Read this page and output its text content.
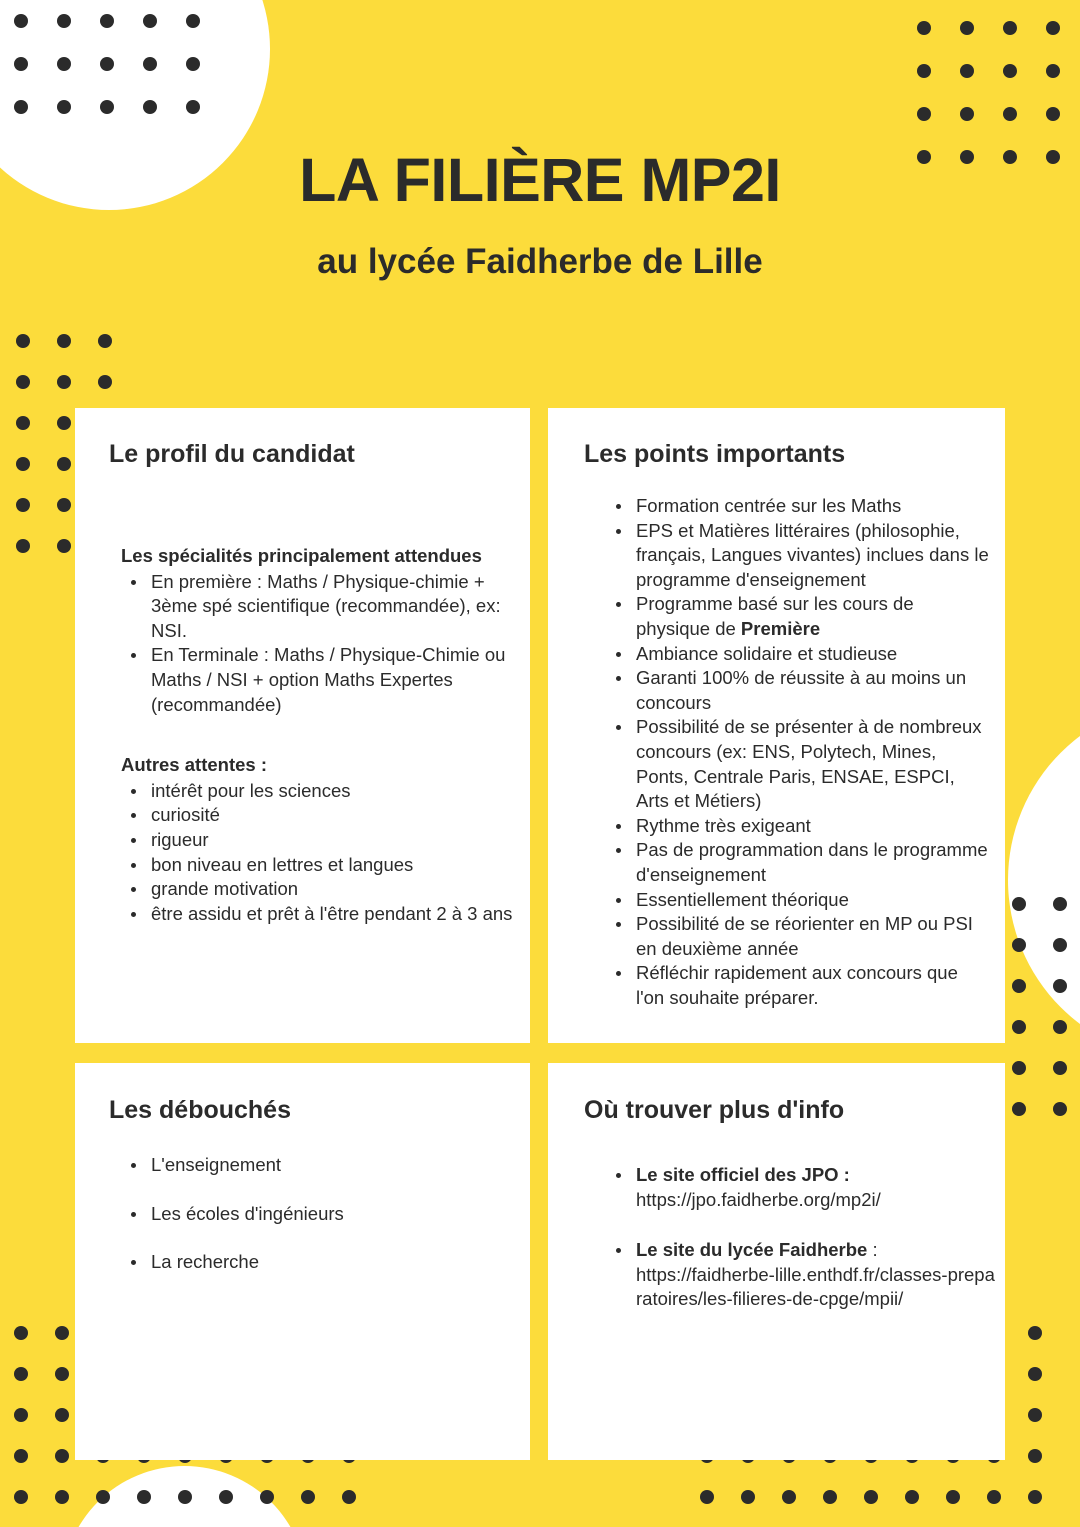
LA FILIÈRE MP2I
au lycée Faidherbe de Lille
Le profil du candidat
Les spécialités principalement attendues
En première : Maths / Physique-chimie + 3ème spé scientifique (recommandée), ex: NSI.
En Terminale : Maths / Physique-Chimie ou Maths / NSI + option Maths Expertes (recommandée)
Autres attentes :
intérêt pour les sciences
curiosité
rigueur
bon niveau en lettres et langues
grande motivation
être assidu et prêt à l'être pendant 2 à 3 ans
Les points importants
Formation centrée sur les Maths
EPS et Matières littéraires (philosophie, français, Langues vivantes) inclues dans le programme d'enseignement
Programme basé sur les cours de physique de Première
Ambiance solidaire et studieuse
Garanti 100% de réussite à au moins un concours
Possibilité de se présenter à de nombreux concours (ex: ENS, Polytech, Mines, Ponts, Centrale Paris, ENSAE, ESPCI, Arts et Métiers)
Rythme très exigeant
Pas de programmation dans le programme d'enseignement
Essentiellement théorique
Possibilité de se réorienter en MP ou PSI en deuxième année
Réfléchir rapidement aux concours que l'on souhaite préparer.
Les débouchés
L'enseignement
Les écoles d'ingénieurs
La recherche
Où trouver plus d'info
Le site officiel des JPO :
https://jpo.faidherbe.org/mp2i/
Le site du lycée Faidherbe :
https://faidherbe-lille.enthdf.fr/classes-preparatoires/les-filieres-de-cpge/mpii/
